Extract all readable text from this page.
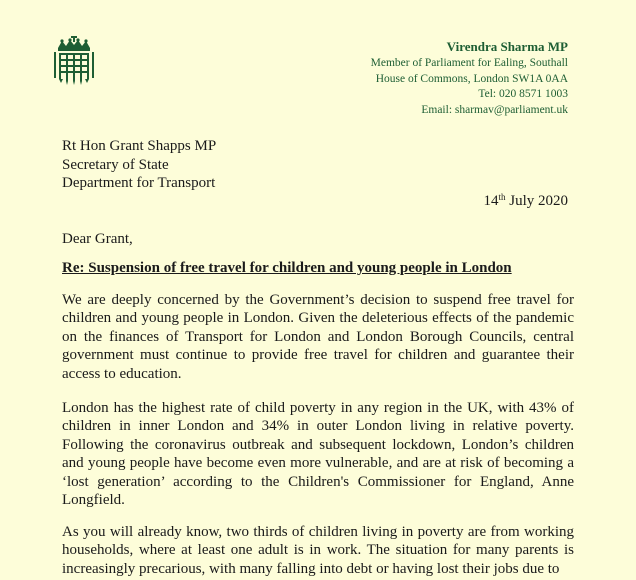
Virendra Sharma MP
Member of Parliament for Ealing, Southall
House of Commons, London SW1A 0AA
Tel: 020 8571 1003
Email: sharmav@parliament.uk
Rt Hon Grant Shapps MP
Secretary of State
Department for Transport
14th July 2020
Dear Grant,
Re: Suspension of free travel for children and young people in London

We are deeply concerned by the Government’s decision to suspend free travel for children and young people in London. Given the deleterious effects of the pandemic on the finances of Transport for London and London Borough Councils, central government must continue to provide free travel for children and guarantee their access to education.

London has the highest rate of child poverty in any region in the UK, with 43% of children in inner London and 34% in outer London living in relative poverty. Following the coronavirus outbreak and subsequent lockdown, London’s children and young people have become even more vulnerable, and are at risk of becoming a ‘lost generation’ according to the Children's Commissioner for England, Anne Longfield.

As you will already know, two thirds of children living in poverty are from working households, where at least one adult is in work. The situation for many parents is increasingly precarious, with many falling into debt or having lost their jobs due to
